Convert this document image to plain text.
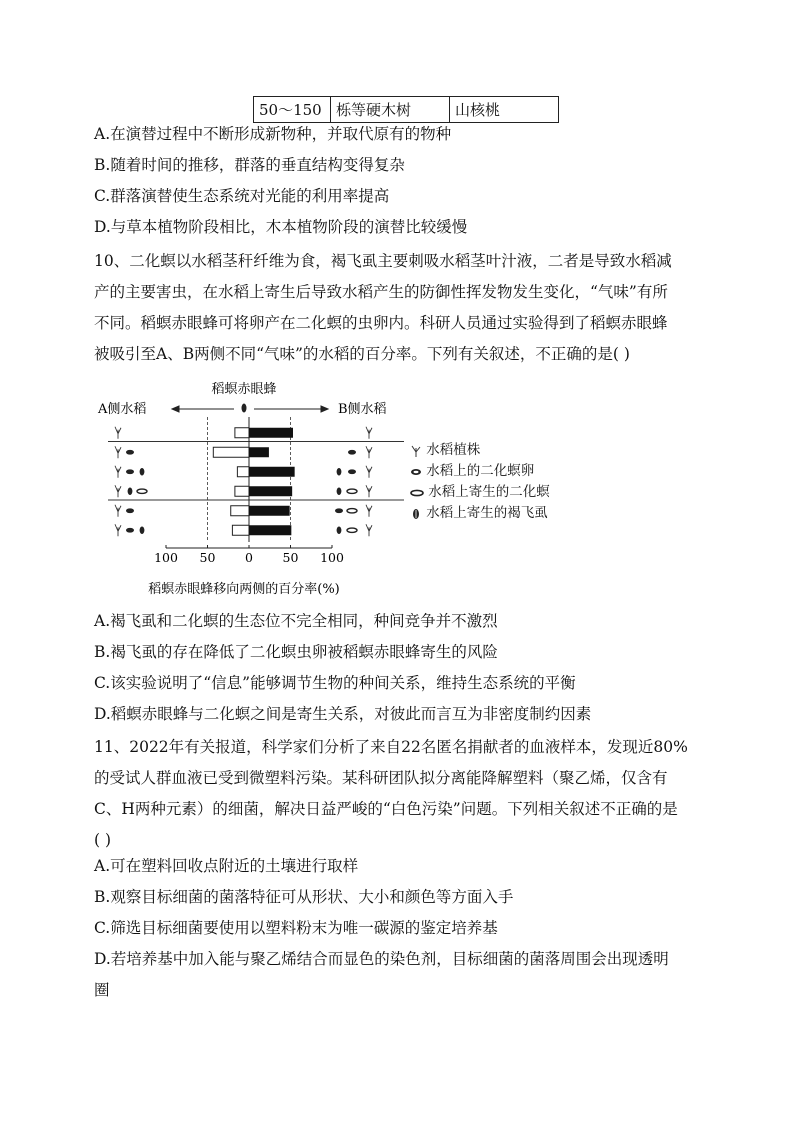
50～150	栎等硬木树	山核桃
A.在演替过程中不断形成新物种，并取代原有的物种
B.随着时间的推移，群落的垂直结构变得复杂
C.群落演替使生态系统对光能的利用率提高
D.与草本植物阶段相比，木本植物阶段的演替比较缓慢
10、二化螟以水稻茎秆纤维为食，褐飞虱主要刺吸水稻茎叶汁液，二者是导致水稻减
产的主要害虫，在水稻上寄生后导致水稻产生的防御性挥发物发生变化，“气味”有所
不同。稻螟赤眼蜂可将卵产在二化螟的虫卵内。科研人员通过实验得到了稻螟赤眼蜂
被吸引至A、B两侧不同“气味”的水稻的百分率。下列有关叙述，不正确的是( )
稻螟赤眼蜂
A侧水稻	B侧水稻
100 50 0 50 100
稻螟赤眼蜂移向两侧的百分率(%)
水稻植株
水稻上的二化螟卵
水稻上寄生的二化螟
水稻上寄生的褐飞虱
A.褐飞虱和二化螟的生态位不完全相同，种间竞争并不激烈
B.褐飞虱的存在降低了二化螟虫卵被稻螟赤眼蜂寄生的风险
C.该实验说明了“信息”能够调节生物的种间关系，维持生态系统的平衡
D.稻螟赤眼蜂与二化螟之间是寄生关系，对彼此而言互为非密度制约因素
11、2022年有关报道，科学家们分析了来自22名匿名捐献者的血液样本，发现近80%
的受试人群血液已受到微塑料污染。某科研团队拟分离能降解塑料（聚乙烯，仅含有
C、H两种元素）的细菌，解决日益严峻的“白色污染”问题。下列相关叙述不正确的是
( )
A.可在塑料回收点附近的土壤进行取样
B.观察目标细菌的菌落特征可从形状、大小和颜色等方面入手
C.筛选目标细菌要使用以塑料粉末为唯一碳源的鉴定培养基
D.若培养基中加入能与聚乙烯结合而显色的染色剂，目标细菌的菌落周围会出现透明
圈
